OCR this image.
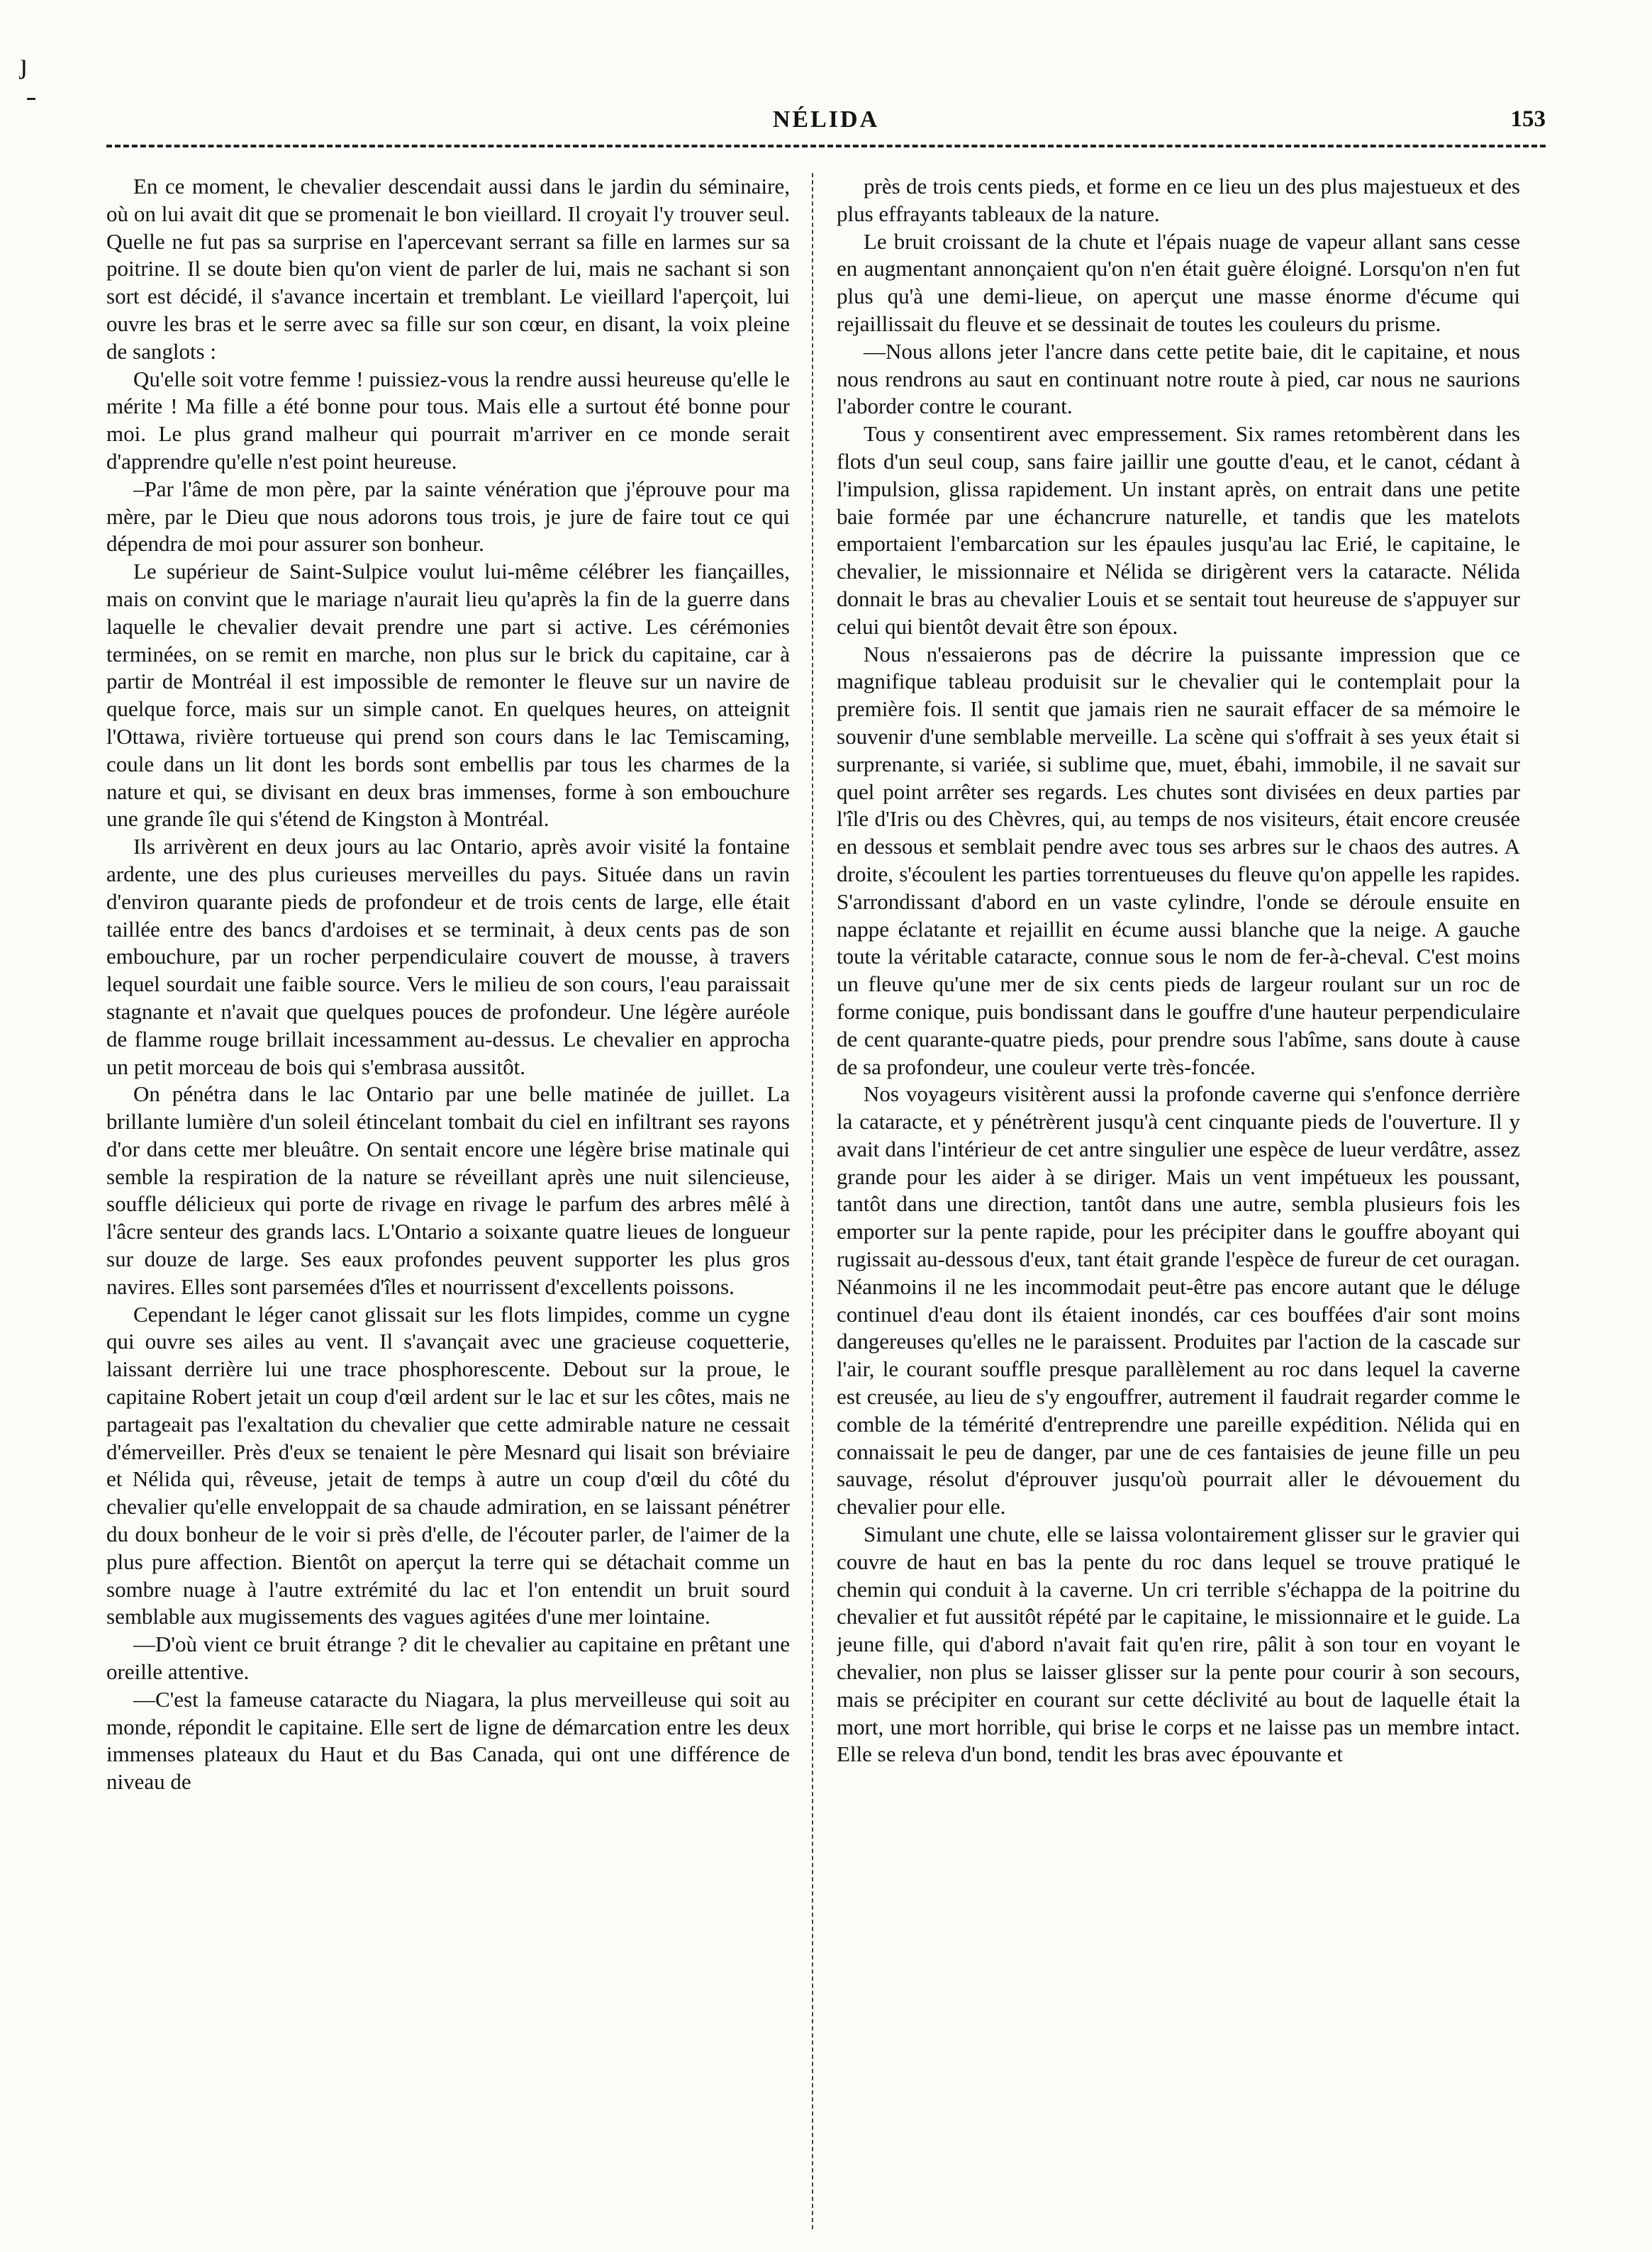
ȷ
NÉLIDA	153

En ce moment, le chevalier descendait aussi dans le jardin du séminaire, où on lui avait dit que se promenait le bon vieillard. Il croyait l'y trouver seul. Quelle ne fut pas sa surprise en l'apercevant serrant sa fille en larmes sur sa poitrine. Il se doute bien qu'on vient de parler de lui, mais ne sachant si son sort est décidé, il s'avance incertain et tremblant. Le vieillard l'aperçoit, lui ouvre les bras et le serre avec sa fille sur son cœur, en disant, la voix pleine de sanglots :

Qu'elle soit votre femme ! puissiez-vous la rendre aussi heureuse qu'elle le mérite ! Ma fille a été bonne pour tous. Mais elle a surtout été bonne pour moi. Le plus grand malheur qui pourrait m'arriver en ce monde serait d'apprendre qu'elle n'est point heureuse.

–Par l'âme de mon père, par la sainte vénération que j'éprouve pour ma mère, par le Dieu que nous adorons tous trois, je jure de faire tout ce qui dépendra de moi pour assurer son bonheur.

Le supérieur de Saint-Sulpice voulut lui-même célébrer les fiançailles, mais on convint que le mariage n'aurait lieu qu'après la fin de la guerre dans laquelle le chevalier devait prendre une part si active. Les cérémonies terminées, on se remit en marche, non plus sur le brick du capitaine, car à partir de Montréal il est impossible de remonter le fleuve sur un navire de quelque force, mais sur un simple canot. En quelques heures, on atteignit l'Ottawa, rivière tortueuse qui prend son cours dans le lac Temiscaming, coule dans un lit dont les bords sont embellis par tous les charmes de la nature et qui, se divisant en deux bras immenses, forme à son embouchure une grande île qui s'étend de Kingston à Montréal.

Ils arrivèrent en deux jours au lac Ontario, après avoir visité la fontaine ardente, une des plus curieuses merveilles du pays. Située dans un ravin d'environ quarante pieds de profondeur et de trois cents de large, elle était taillée entre des bancs d'ardoises et se terminait, à deux cents pas de son embouchure, par un rocher perpendiculaire couvert de mousse, à travers lequel sourdait une faible source. Vers le milieu de son cours, l'eau paraissait stagnante et n'avait que quelques pouces de profondeur. Une légère auréole de flamme rouge brillait incessamment au-dessus. Le chevalier en approcha un petit morceau de bois qui s'embrasa aussitôt.

On pénétra dans le lac Ontario par une belle matinée de juillet. La brillante lumière d'un soleil étincelant tombait du ciel en infiltrant ses rayons d'or dans cette mer bleuâtre. On sentait encore une légère brise matinale qui semble la respiration de la nature se réveillant après une nuit silencieuse, souffle délicieux qui porte de rivage en rivage le parfum des arbres mêlé à l'âcre senteur des grands lacs. L'Ontario a soixante quatre lieues de longueur sur douze de large. Ses eaux profondes peuvent supporter les plus gros navires. Elles sont parsemées d'îles et nourrissent d'excellents poissons.

Cependant le léger canot glissait sur les flots limpides, comme un cygne qui ouvre ses ailes au vent. Il s'avançait avec une gracieuse coquetterie, laissant derrière lui une trace phosphorescente. Debout sur la proue, le capitaine Robert jetait un coup d'œil ardent sur le lac et sur les côtes, mais ne partageait pas l'exaltation du chevalier que cette admirable nature ne cessait d'émerveiller. Près d'eux se tenaient le père Mesnard qui lisait son bréviaire et Nélida qui, rêveuse, jetait de temps à autre un coup d'œil du côté du chevalier qu'elle enveloppait de sa chaude admiration, en se laissant pénétrer du doux bonheur de le voir si près d'elle, de l'écouter parler, de l'aimer de la plus pure affection. Bientôt on aperçut la terre qui se détachait comme un sombre nuage à l'autre extrémité du lac et l'on entendit un bruit sourd semblable aux mugissements des vagues agitées d'une mer lointaine.

—D'où vient ce bruit étrange ? dit le chevalier au capitaine en prêtant une oreille attentive.

—C'est la fameuse cataracte du Niagara, la plus merveilleuse qui soit au monde, répondit le capitaine. Elle sert de ligne de démarcation entre les deux immenses plateaux du Haut et du Bas Canada, qui ont une différence de niveau de

près de trois cents pieds, et forme en ce lieu un des plus majestueux et des plus effrayants tableaux de la nature.

Le bruit croissant de la chute et l'épais nuage de vapeur allant sans cesse en augmentant annonçaient qu'on n'en était guère éloigné. Lorsqu'on n'en fut plus qu'à une demi-lieue, on aperçut une masse énorme d'écume qui rejaillissait du fleuve et se dessinait de toutes les couleurs du prisme.

—Nous allons jeter l'ancre dans cette petite baie, dit le capitaine, et nous nous rendrons au saut en continuant notre route à pied, car nous ne saurions l'aborder contre le courant.

Tous y consentirent avec empressement. Six rames retombèrent dans les flots d'un seul coup, sans faire jaillir une goutte d'eau, et le canot, cédant à l'impulsion, glissa rapidement. Un instant après, on entrait dans une petite baie formée par une échancrure naturelle, et tandis que les matelots emportaient l'embarcation sur les épaules jusqu'au lac Erié, le capitaine, le chevalier, le missionnaire et Nélida se dirigèrent vers la cataracte. Nélida donnait le bras au chevalier Louis et se sentait tout heureuse de s'appuyer sur celui qui bientôt devait être son époux.

Nous n'essaierons pas de décrire la puissante impression que ce magnifique tableau produisit sur le chevalier qui le contemplait pour la première fois. Il sentit que jamais rien ne saurait effacer de sa mémoire le souvenir d'une semblable merveille. La scène qui s'offrait à ses yeux était si surprenante, si variée, si sublime que, muet, ébahi, immobile, il ne savait sur quel point arrêter ses regards. Les chutes sont divisées en deux parties par l'île d'Iris ou des Chèvres, qui, au temps de nos visiteurs, était encore creusée en dessous et semblait pendre avec tous ses arbres sur le chaos des autres. A droite, s'écoulent les parties torrentueuses du fleuve qu'on appelle les rapides. S'arrondissant d'abord en un vaste cylindre, l'onde se déroule ensuite en nappe éclatante et rejaillit en écume aussi blanche que la neige. A gauche toute la véritable cataracte, connue sous le nom de fer-à-cheval. C'est moins un fleuve qu'une mer de six cents pieds de largeur roulant sur un roc de forme conique, puis bondissant dans le gouffre d'une hauteur perpendiculaire de cent quarante-quatre pieds, pour prendre sous l'abîme, sans doute à cause de sa profondeur, une couleur verte très-foncée.

Nos voyageurs visitèrent aussi la profonde caverne qui s'enfonce derrière la cataracte, et y pénétrèrent jusqu'à cent cinquante pieds de l'ouverture. Il y avait dans l'intérieur de cet antre singulier une espèce de lueur verdâtre, assez grande pour les aider à se diriger. Mais un vent impétueux les poussant, tantôt dans une direction, tantôt dans une autre, sembla plusieurs fois les emporter sur la pente rapide, pour les précipiter dans le gouffre aboyant qui rugissait au-dessous d'eux, tant était grande l'espèce de fureur de cet ouragan. Néanmoins il ne les incommodait peut-être pas encore autant que le déluge continuel d'eau dont ils étaient inondés, car ces bouffées d'air sont moins dangereuses qu'elles ne le paraissent. Produites par l'action de la cascade sur l'air, le courant souffle presque parallèlement au roc dans lequel la caverne est creusée, au lieu de s'y engouffrer, autrement il faudrait regarder comme le comble de la témérité d'entreprendre une pareille expédition. Nélida qui en connaissait le peu de danger, par une de ces fantaisies de jeune fille un peu sauvage, résolut d'éprouver jusqu'où pourrait aller le dévouement du chevalier pour elle.

Simulant une chute, elle se laissa volontairement glisser sur le gravier qui couvre de haut en bas la pente du roc dans lequel se trouve pratiqué le chemin qui conduit à la caverne. Un cri terrible s'échappa de la poitrine du chevalier et fut aussitôt répété par le capitaine, le missionnaire et le guide. La jeune fille, qui d'abord n'avait fait qu'en rire, pâlit à son tour en voyant le chevalier, non plus se laisser glisser sur la pente pour courir à son secours, mais se précipiter en courant sur cette déclivité au bout de laquelle était la mort, une mort horrible, qui brise le corps et ne laisse pas un membre intact. Elle se releva d'un bond, tendit les bras avec épouvante et
